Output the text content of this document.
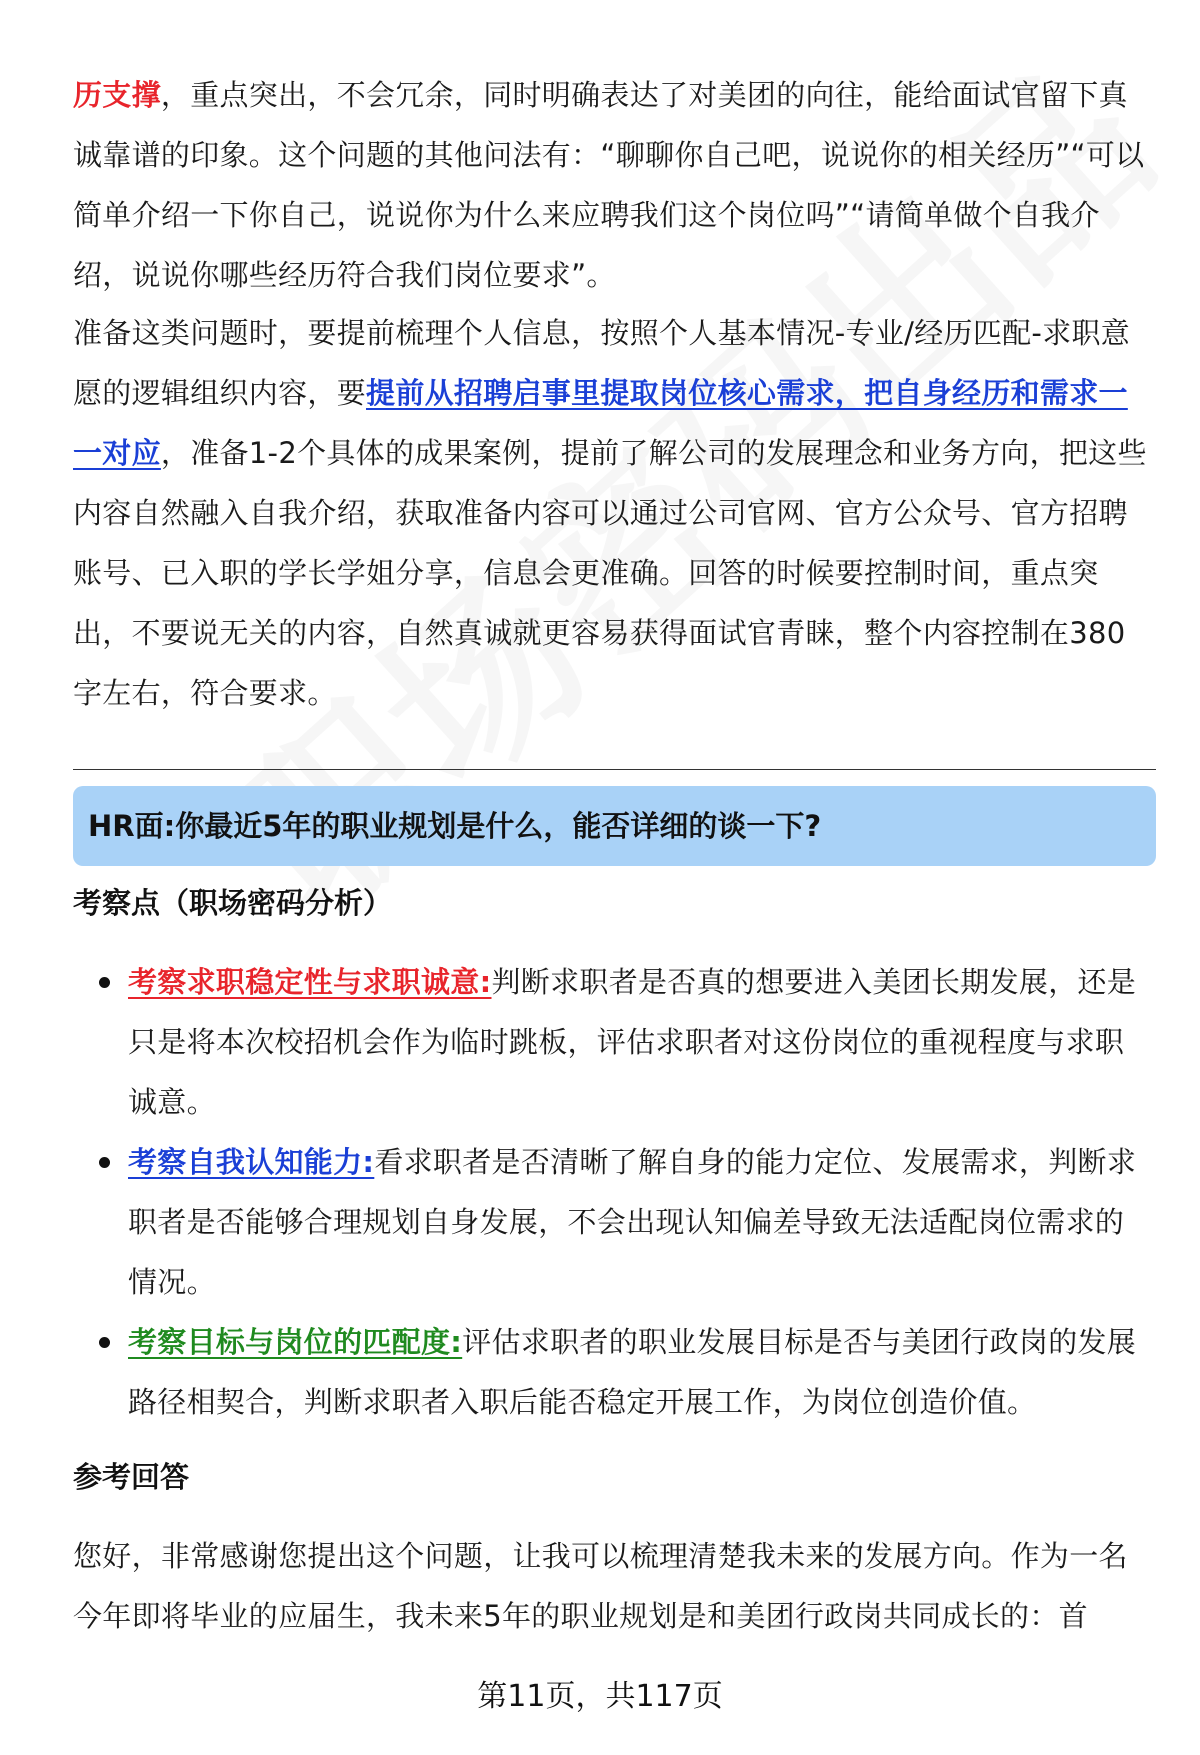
历支撑，重点突出，不会冗余，同时明确表达了对美团的向往，能给面试官留下真诚靠谱的印象。这个问题的其他问法有：“聊聊你自己吧，说说你的相关经历”“可以简单介绍一下你自己，说说你为什么来应聘我们这个岗位吗”“请简单做个自我介绍，说说你哪些经历符合我们岗位要求”。
准备这类问题时，要提前梳理个人信息，按照个人基本情况-专业/经历匹配-求职意愿的逻辑组织内容，要提前从招聘启事里提取岗位核心需求，把自身经历和需求一一对应，准备1-2个具体的成果案例，提前了解公司的发展理念和业务方向，把这些内容自然融入自我介绍，获取准备内容可以通过公司官网、官方公众号、官方招聘账号、已入职的学长学姐分享，信息会更准确。回答的时候要控制时间，重点突出，不要说无关的内容，自然真诚就更容易获得面试官青睐，整个内容控制在380字左右，符合要求。
HR面:你最近5年的职业规划是什么，能否详细的谈一下?
考察点（职场密码分析）
考察求职稳定性与求职诚意:判断求职者是否真的想要进入美团长期发展，还是只是将本次校招机会作为临时跳板，评估求职者对这份岗位的重视程度与求职诚意。
考察自我认知能力:看求职者是否清晰了解自身的能力定位、发展需求，判断求职者是否能够合理规划自身发展，不会出现认知偏差导致无法适配岗位需求的情况。
考察目标与岗位的匹配度:评估求职者的职业发展目标是否与美团行政岗的发展路径相契合，判断求职者入职后能否稳定开展工作，为岗位创造价值。
参考回答
您好，非常感谢您提出这个问题，让我可以梳理清楚我未来的发展方向。作为一名今年即将毕业的应届生，我未来5年的职业规划是和美团行政岗共同成长的：首
第11页，共117页
